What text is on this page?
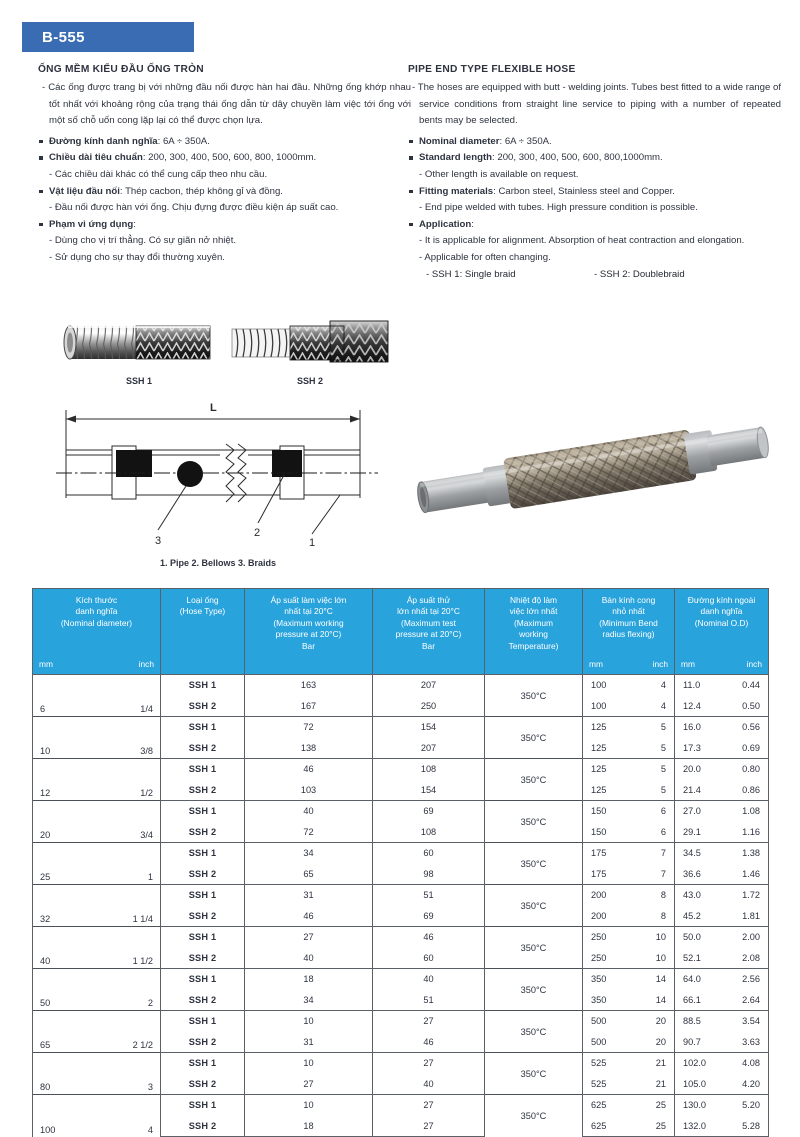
B-555
ỐNG MỀM KIỂU ĐẦU ỐNG TRÒN

- Các ống được trang bị với những đầu nối được hàn hai đầu. Những ống khớp nhau tốt nhất với khoảng rộng của trạng thái ống dẫn từ dây chuyền làm việc tới ống với một số chỗ uốn cong lặp lại có thể được chọn lựa.

Đường kính danh nghĩa: 6A ÷ 350A.

Chiều dài tiêu chuẩn: 200, 300, 400, 500, 600, 800, 1000mm.

- Các chiều dài khác có thể cung cấp theo nhu cầu.

Vật liệu đầu nối: Thép cacbon, thép không gỉ và đồng.

- Đầu nối được hàn với ống. Chịu đựng được điều kiện áp suất cao.

Phạm vi ứng dụng:

- Dùng cho vị trí thẳng. Có sự giãn nở nhiệt.

- Sử dụng cho sự thay đổi thường xuyên.

PIPE END TYPE FLEXIBLE HOSE

- The hoses are equipped with butt - welding joints. Tubes best fitted to a wide range of service conditions from straight line service to piping with a number of repeated bents may be selected.

Nominal diameter: 6A ÷ 350A.

Standard length: 200, 300, 400, 500, 600, 800,1000mm.

- Other length is available on request.

Fitting materials: Carbon steel, Stainless steel and Copper.

- End pipe welded with tubes. High pressure condition is possible.

Application:

- It is applicable for alignment. Absorption of heat contraction and elongation.

- Applicable for often changing.

- SSH 1: Single braid	- SSH 2: Doublebraid
SSH 1	SSH 2
3
2
1
L
1. Pipe 2. Bellows 3. Braids
Kích thước
danh nghĩa
(Nominal diameter)
mm	inch

Loại ống
(Hose Type)

Áp suất làm việc lớn
nhất tại 20°C
(Maximum working
pressure at 20°C)
Bar

Áp suất thử
lớn nhất tại 20°C
(Maximum test
pressure at 20°C)
Bar

Nhiệt độ làm
việc lớn nhất
(Maximum
working
Temperature)

Bán kính cong
nhỏ nhất
(Minimum Bend
radius flexing)
mm	inch

Đường kính ngoài
danh nghĩa
(Nominal O.D)
mm	inch

6 1/4	SSH 1	163	207	350°C	100 4	11.0 0.44

	SSH 2	167	250		100 4	12.4 0.50

10 3/8	SSH 1	72	154	350°C	125 5	16.0 0.56

	SSH 2	138	207		125 5	17.3 0.69

12 1/2	SSH 1	46	108	350°C	125 5	20.0 0.80

	SSH 2	103	154		125 5	21.4 0.86

20 3/4	SSH 1	40	69	350°C	150 6	27.0 1.08

	SSH 2	72	108		150 6	29.1 1.16

25 1	SSH 1	34	60	350°C	175 7	34.5 1.38

	SSH 2	65	98		175 7	36.6 1.46

32 1 1/4	SSH 1	31	51	350°C	200 8	43.0 1.72

	SSH 2	46	69		200 8	45.2 1.81

40 1 1/2	SSH 1	27	46	350°C	250 10	50.0 2.00

	SSH 2	40	60		250 10	52.1 2.08

50 2	SSH 1	18	40	350°C	350 14	64.0 2.56

	SSH 2	34	51		350 14	66.1 2.64

65 2 1/2	SSH 1	10	27	350°C	500 20	88.5 3.54

	SSH 2	31	46		500 20	90.7 3.63

80 3	SSH 1	10	27	350°C	525 21	102.0 4.08

	SSH 2	27	40		525 21	105.0 4.20

100 4	SSH 1	10	27	350°C	625 25	130.0 5.20

	SSH 2	18	27		625 25	132.0 5.28
